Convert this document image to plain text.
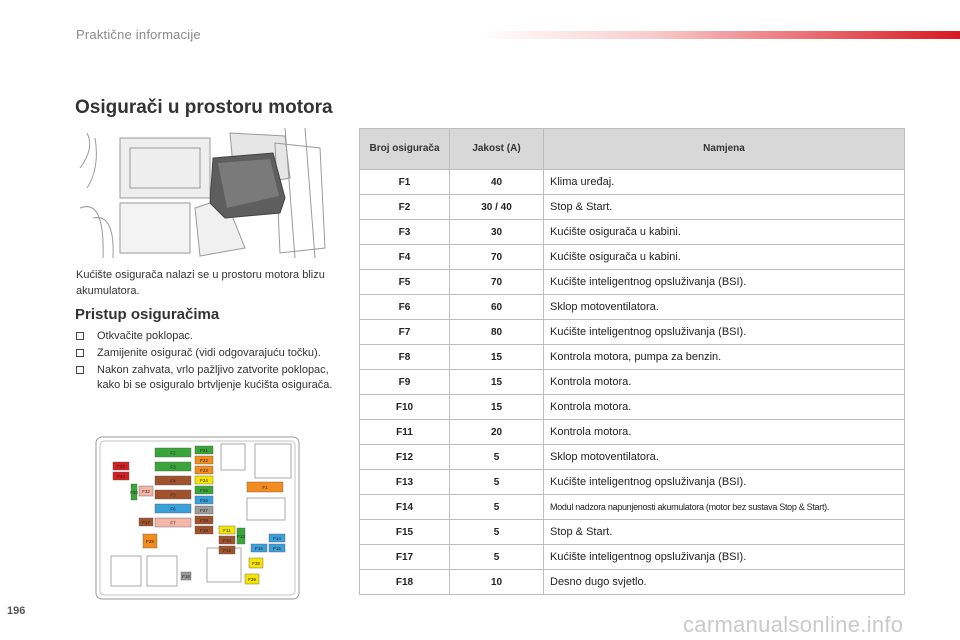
Praktične informacije
Osigurači u prostoru motora
Kućište osigurača nalazi se u prostoru motora blizu akumulatora.
Pristup osiguračima
Otkvačite poklopac.
Zamijenite osigurač (vidi odgovarajuću točku).
Nakon zahvata, vrlo pažljivo zatvorite poklopac, kako bi se osiguralo brtvljenje kućišta osigurača.
F2
F3
F4
F5
F6
F7
F21
F22
F23
F24
F25
F26
F27
F28
F19
F42
F43
F32
F33
F1
F17
F29
F11
F10
F12
F13	F14
F15
F16
F38
F39
F18
Broj osigurača	Jakost (A)	Namjena
F1	40	Klima uređaj.
F2	30 / 40	Stop & Start.
F3	30	Kućište osigurača u kabini.
F4	70	Kućište osigurača u kabini.
F5	70	Kućište inteligentnog opsluživanja (BSI).
F6	60	Sklop motoventilatora.
F7	80	Kućište inteligentnog opsluživanja (BSI).
F8	15	Kontrola motora, pumpa za benzin.
F9	15	Kontrola motora.
F10	15	Kontrola motora.
F11	20	Kontrola motora.
F12	5	Sklop motoventilatora.
F13	5	Kućište inteligentnog opsluživanja (BSI).
F14	5	Modul nadzora napunjenosti akumulatora (motor bez sustava Stop & Start).
F15	5	Stop & Start.
F17	5	Kućište inteligentnog opsluživanja (BSI).
F18	10	Desno dugo svjetlo.
196
carmanualsonline.info
